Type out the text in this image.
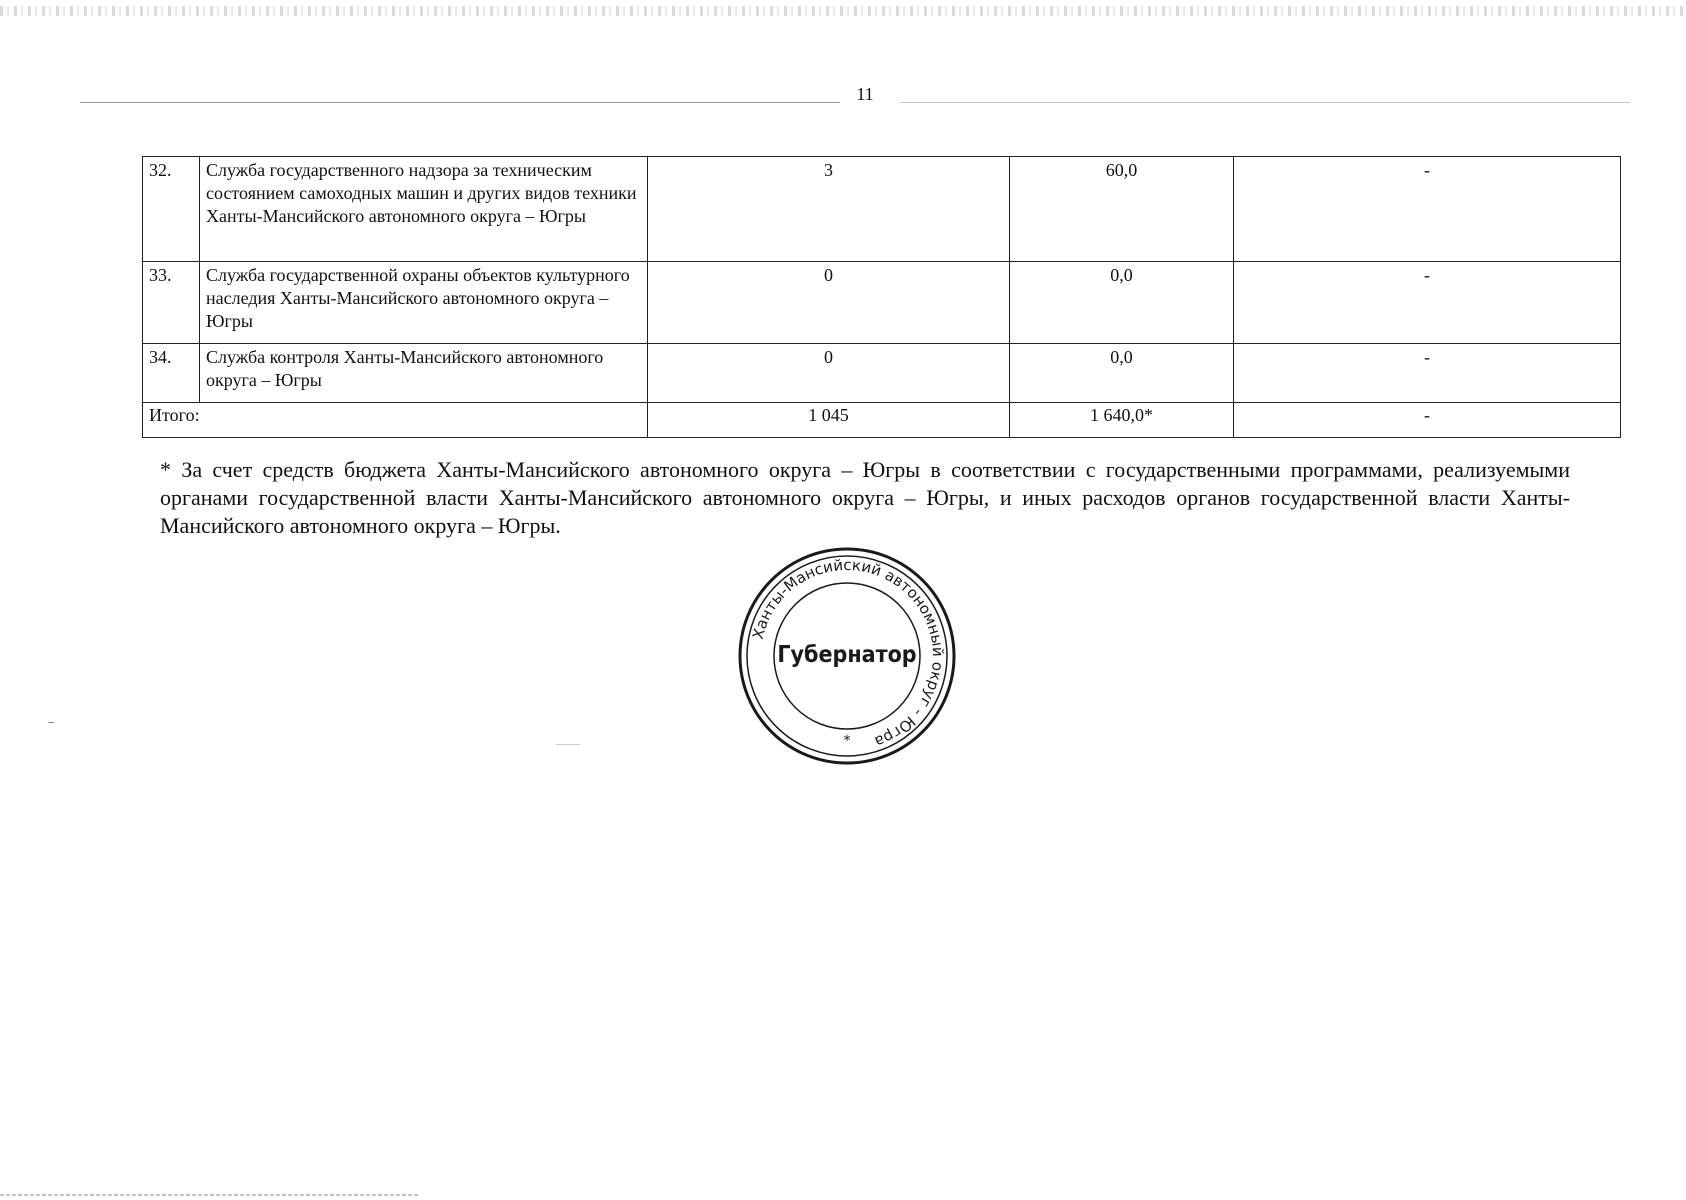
11
32.	Служба государственного надзора за техническим состоянием самоходных машин и других видов техники Ханты-Мансийского автономного округа – Югры	3	60,0	-
33.	Служба государственной охраны объектов культурного наследия Ханты-Мансийского автономного округа – Югры	0	0,0	-
34.	Служба контроля Ханты-Мансийского автономного округа – Югры	0	0,0	-
Итого:		1 045	1 640,0*	-
* За счет средств бюджета Ханты-Мансийского автономного округа – Югры в соответствии с государственными программами, реализуемыми органами государственной власти Ханты-Мансийского автономного округа – Югры, и иных расходов органов государственной власти Ханты-Мансийского автономного округа – Югры.
Ханты-Мансийский автономный округ - Югра
Губернатор
*
